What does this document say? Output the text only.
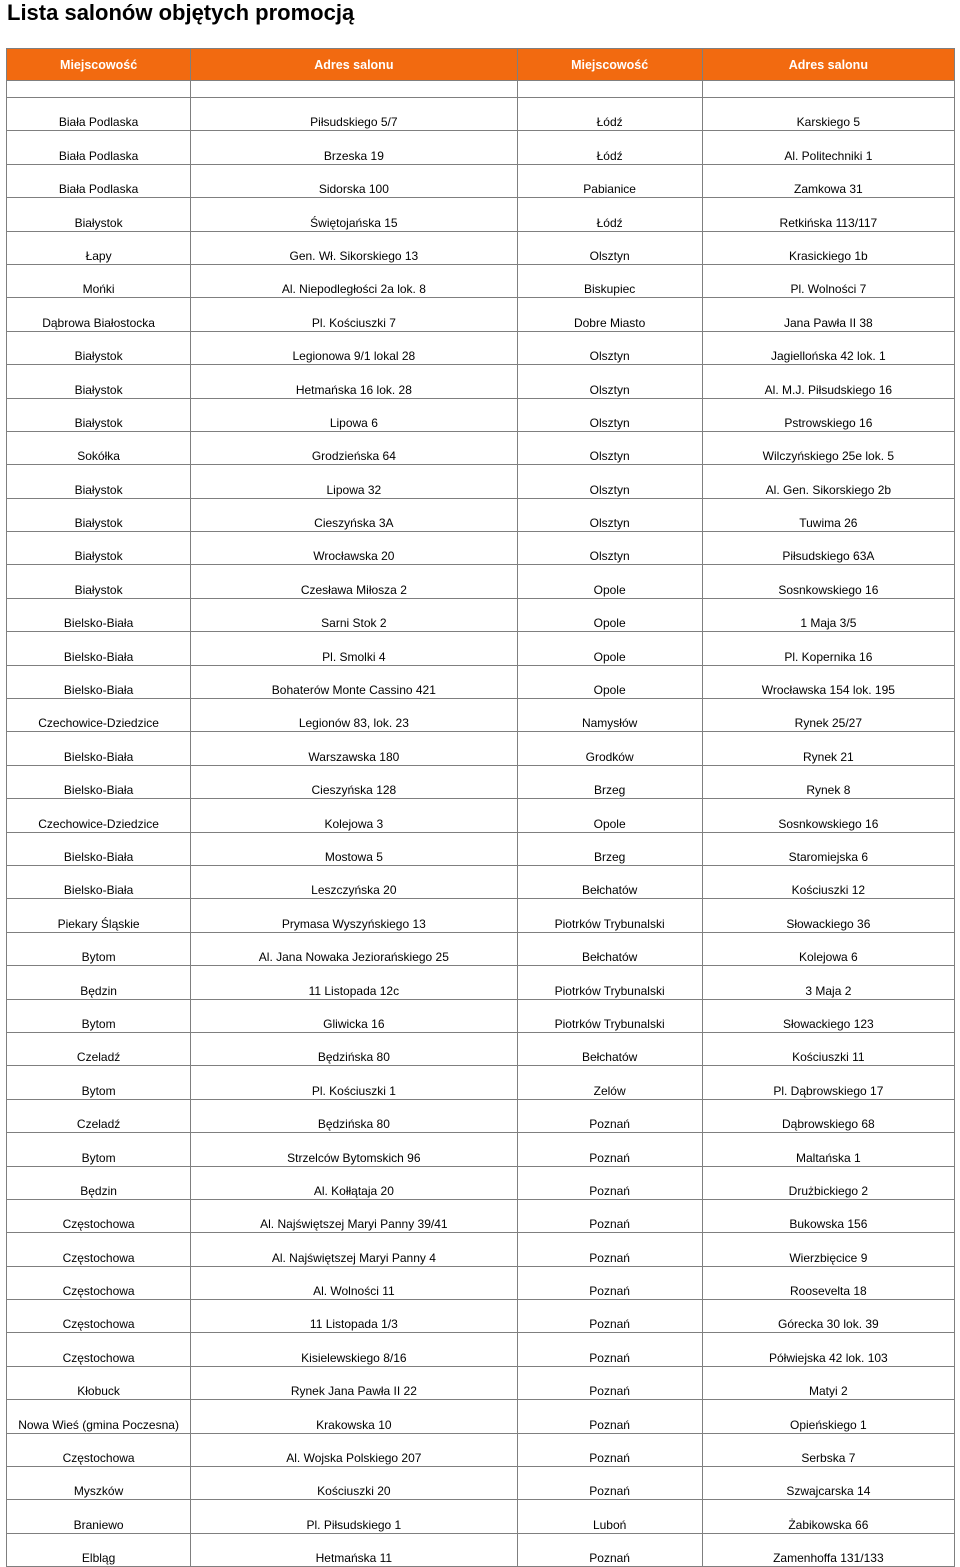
Lista salonów objętych promocją
Miejscowość	Adres salonu	Miejscowość	Adres salonu

Biała Podlaska	Piłsudskiego 5/7	Łódź	Karskiego 5
Biała Podlaska	Brzeska 19	Łódź	Al. Politechniki 1
Biała Podlaska	Sidorska 100	Pabianice	Zamkowa 31
Białystok	Świętojańska 15	Łódź	Retkińska 113/117
Łapy	Gen. Wł. Sikorskiego 13	Olsztyn	Krasickiego 1b
Mońki	Al. Niepodległości 2a lok. 8	Biskupiec	Pl. Wolności 7
Dąbrowa Białostocka	Pl. Kościuszki 7	Dobre Miasto	Jana Pawła II 38
Białystok	Legionowa 9/1 lokal 28	Olsztyn	Jagiellońska 42 lok. 1
Białystok	Hetmańska 16 lok. 28	Olsztyn	Al. M.J. Piłsudskiego 16
Białystok	Lipowa 6	Olsztyn	Pstrowskiego 16
Sokółka	Grodzieńska 64	Olsztyn	Wilczyńskiego 25e lok. 5
Białystok	Lipowa 32	Olsztyn	Al. Gen. Sikorskiego 2b
Białystok	Cieszyńska 3A	Olsztyn	Tuwima 26
Białystok	Wrocławska 20	Olsztyn	Piłsudskiego 63A
Białystok	Czesława Miłosza 2	Opole	Sosnkowskiego 16
Bielsko-Biała	Sarni Stok 2	Opole	1 Maja 3/5
Bielsko-Biała	Pl. Smolki 4	Opole	Pl. Kopernika 16
Bielsko-Biała	Bohaterów Monte Cassino 421	Opole	Wrocławska 154 lok. 195
Czechowice-Dziedzice	Legionów 83, lok. 23	Namysłów	Rynek 25/27
Bielsko-Biała	Warszawska 180	Grodków	Rynek 21
Bielsko-Biała	Cieszyńska 128	Brzeg	Rynek 8
Czechowice-Dziedzice	Kolejowa 3	Opole	Sosnkowskiego 16
Bielsko-Biała	Mostowa 5	Brzeg	Staromiejska 6
Bielsko-Biała	Leszczyńska 20	Bełchatów	Kościuszki 12
Piekary Śląskie	Prymasa Wyszyńskiego 13	Piotrków Trybunalski	Słowackiego 36
Bytom	Al. Jana Nowaka Jeziorańskiego 25	Bełchatów	Kolejowa 6
Będzin	11 Listopada 12c	Piotrków Trybunalski	3 Maja 2
Bytom	Gliwicka 16	Piotrków Trybunalski	Słowackiego 123
Czeladź	Będzińska 80	Bełchatów	Kościuszki 11
Bytom	Pl. Kościuszki 1	Zelów	Pl. Dąbrowskiego 17
Czeladź	Będzińska 80	Poznań	Dąbrowskiego 68
Bytom	Strzelców Bytomskich 96	Poznań	Maltańska 1
Będzin	Al. Kołłątaja 20	Poznań	Drużbickiego 2
Częstochowa	Al. Najświętszej Maryi Panny 39/41	Poznań	Bukowska 156
Częstochowa	Al. Najświętszej Maryi Panny 4	Poznań	Wierzbięcice 9
Częstochowa	Al. Wolności 11	Poznań	Roosevelta 18
Częstochowa	11 Listopada 1/3	Poznań	Górecka 30 lok. 39
Częstochowa	Kisielewskiego 8/16	Poznań	Półwiejska 42 lok. 103
Kłobuck	Rynek Jana Pawła II 22	Poznań	Matyi 2
Nowa Wieś (gmina Poczesna)	Krakowska 10	Poznań	Opieńskiego 1
Częstochowa	Al. Wojska Polskiego 207	Poznań	Serbska 7
Myszków	Kościuszki 20	Poznań	Szwajcarska 14
Braniewo	Pl. Piłsudskiego 1	Luboń	Żabikowska 66
Elbląg	Hetmańska 11	Poznań	Zamenhoffa 131/133
